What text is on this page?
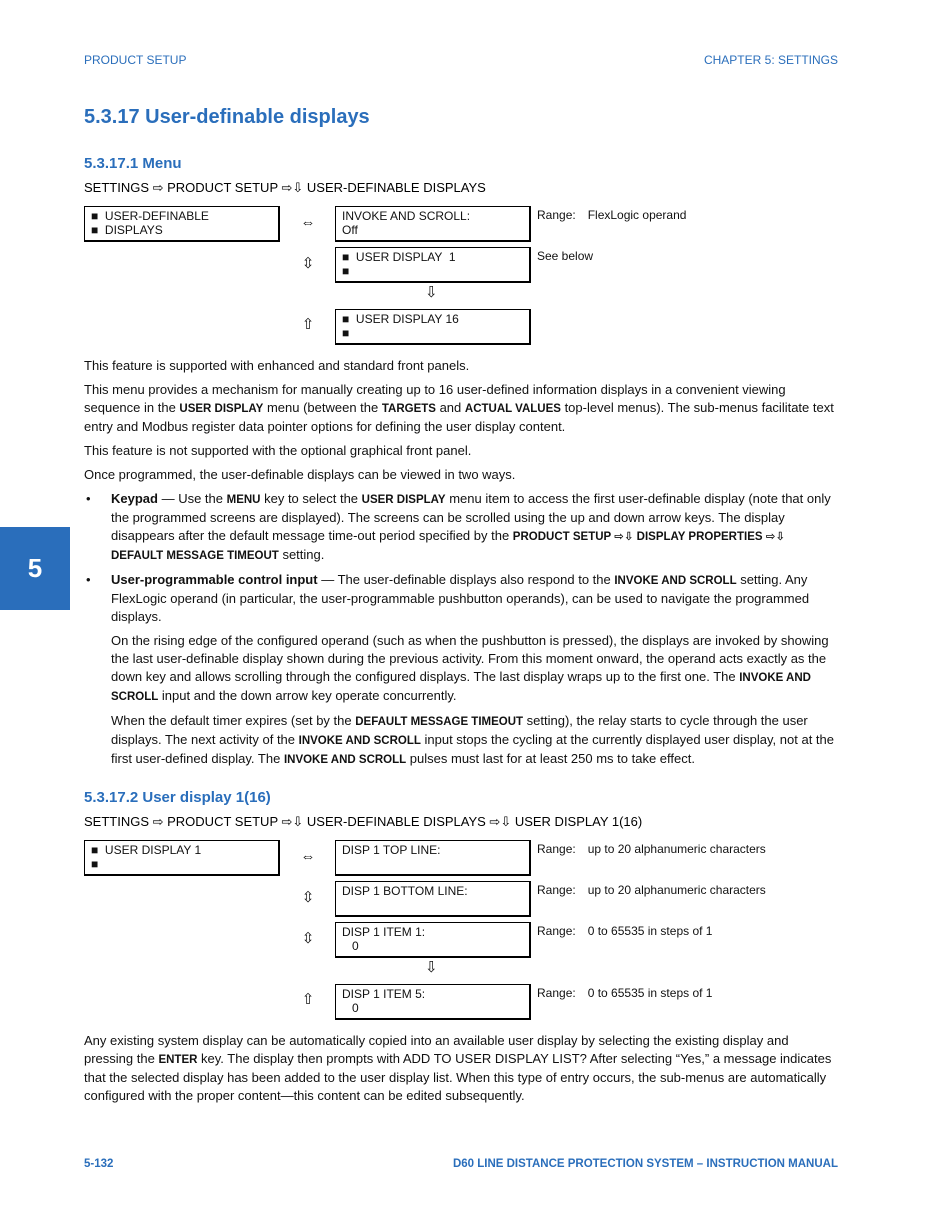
PRODUCT SETUP	CHAPTER 5: SETTINGS
5.3.17 User-definable displays
5.3.17.1 Menu
SETTINGS ⇨ PRODUCT SETUP ⇨⇩ USER-DEFINABLE DISPLAYS
■  USER-DEFINABLE
■  DISPLAYS	⇔ INVOKE AND SCROLL:
Off
Range: FlexLogic operand
⇳ ■  USER DISPLAY  1
■
See below
⇩
⇧ ■  USER DISPLAY 16
■

This feature is supported with enhanced and standard front panels.

This menu provides a mechanism for manually creating up to 16 user-defined information displays in a convenient viewing sequence in the USER DISPLAY menu (between the TARGETS and ACTUAL VALUES top-level menus). The sub-menus facilitate text entry and Modbus register data pointer options for defining the user display content.

This feature is not supported with the optional graphical front panel.

Once programmed, the user-definable displays can be viewed in two ways.

• Keypad — Use the MENU key to select the USER DISPLAY menu item to access the first user-definable display (note that only the programmed screens are displayed). The screens can be scrolled using the up and down arrow keys. The display disappears after the default message time-out period specified by the PRODUCT SETUP ⇨⇩ DISPLAY PROPERTIES ⇨⇩ DEFAULT MESSAGE TIMEOUT setting.

• User-programmable control input — The user-definable displays also respond to the INVOKE AND SCROLL setting. Any FlexLogic operand (in particular, the user-programmable pushbutton operands), can be used to navigate the programmed displays.

On the rising edge of the configured operand (such as when the pushbutton is pressed), the displays are invoked by showing the last user-definable display shown during the previous activity. From this moment onward, the operand acts exactly as the down key and allows scrolling through the configured displays. The last display wraps up to the first one. The INVOKE AND SCROLL input and the down arrow key operate concurrently.

When the default timer expires (set by the DEFAULT MESSAGE TIMEOUT setting), the relay starts to cycle through the user displays. The next activity of the INVOKE AND SCROLL input stops the cycling at the currently displayed user display, not at the first user-defined display. The INVOKE AND SCROLL pulses must last for at least 250 ms to take effect.

5.3.17.2 User display 1(16)
SETTINGS ⇨ PRODUCT SETUP ⇨⇩ USER-DEFINABLE DISPLAYS ⇨⇩ USER DISPLAY 1(16)
■  USER DISPLAY 1
■	⇔ DISP 1 TOP LINE:	Range: up to 20 alphanumeric characters
⇳ DISP 1 BOTTOM LINE:	Range: up to 20 alphanumeric characters
⇳ DISP 1 ITEM 1:
0
Range: 0 to 65535 in steps of 1
⇩
⇧ DISP 1 ITEM 5:
0
Range: 0 to 65535 in steps of 1

Any existing system display can be automatically copied into an available user display by selecting the existing display and pressing the ENTER key. The display then prompts with ADD TO USER DISPLAY LIST? After selecting “Yes,” a message indicates that the selected display has been added to the user display list. When this type of entry occurs, the sub-menus are automatically configured with the proper content—this content can be edited subsequently.

5
5-132	D60 LINE DISTANCE PROTECTION SYSTEM – INSTRUCTION MANUAL
